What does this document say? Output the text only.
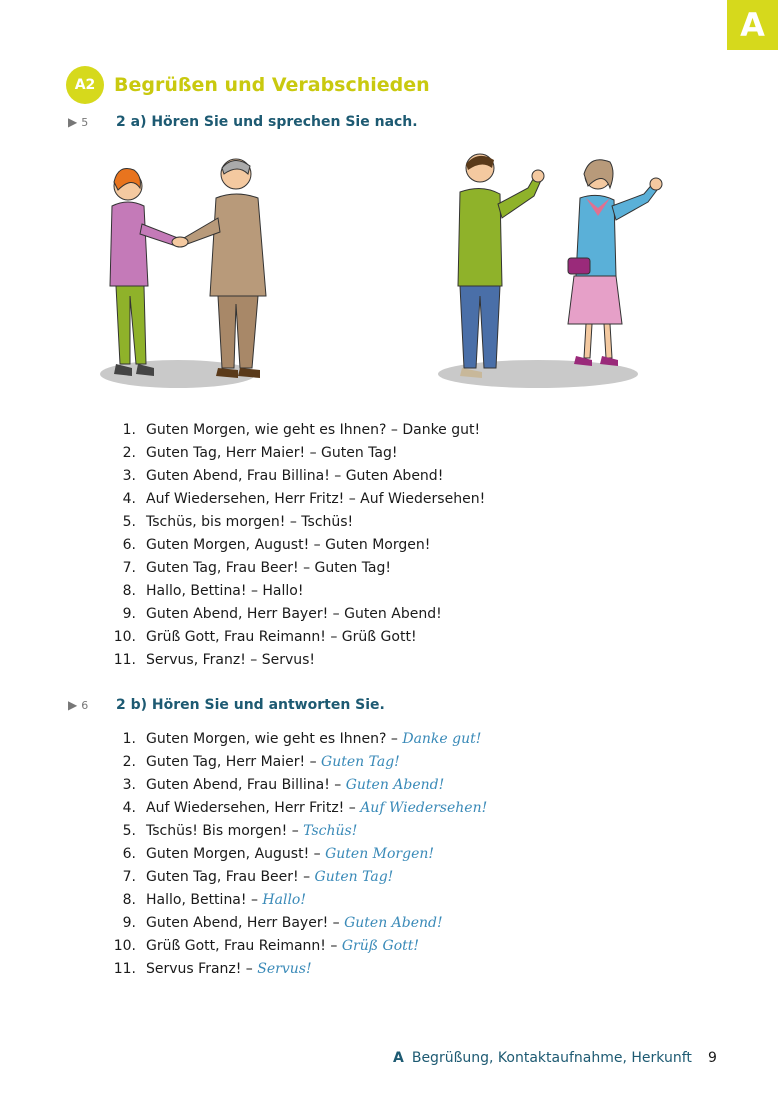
A
A2 Begrüßen und Verabschieden
▶ 5 2 a) Hören Sie und sprechen Sie nach.
1. Guten Morgen, wie geht es Ihnen? – Danke gut!
2. Guten Tag, Herr Maier! – Guten Tag!
3. Guten Abend, Frau Billina! – Guten Abend!
4. Auf Wiedersehen, Herr Fritz! – Auf Wiedersehen!
5. Tschüs, bis morgen! – Tschüs!
6. Guten Morgen, August! – Guten Morgen!
7. Guten Tag, Frau Beer! – Guten Tag!
8. Hallo, Bettina! – Hallo!
9. Guten Abend, Herr Bayer! – Guten Abend!
10. Grüß Gott, Frau Reimann! – Grüß Gott!
11. Servus, Franz! – Servus!
▶ 6 2 b) Hören Sie und antworten Sie.
1. Guten Morgen, wie geht es Ihnen? – Danke gut!
2. Guten Tag, Herr Maier! – Guten Tag!
3. Guten Abend, Frau Billina! – Guten Abend!
4. Auf Wiedersehen, Herr Fritz! – Auf Wiedersehen!
5. Tschüs! Bis morgen! – Tschüs!
6. Guten Morgen, August! – Guten Morgen!
7. Guten Tag, Frau Beer! – Guten Tag!
8. Hallo, Bettina! – Hallo!
9. Guten Abend, Herr Bayer! – Guten Abend!
10. Grüß Gott, Frau Reimann! – Grüß Gott!
11. Servus Franz! – Servus!
A Begrüßung, Kontaktaufnahme, Herkunft 9
